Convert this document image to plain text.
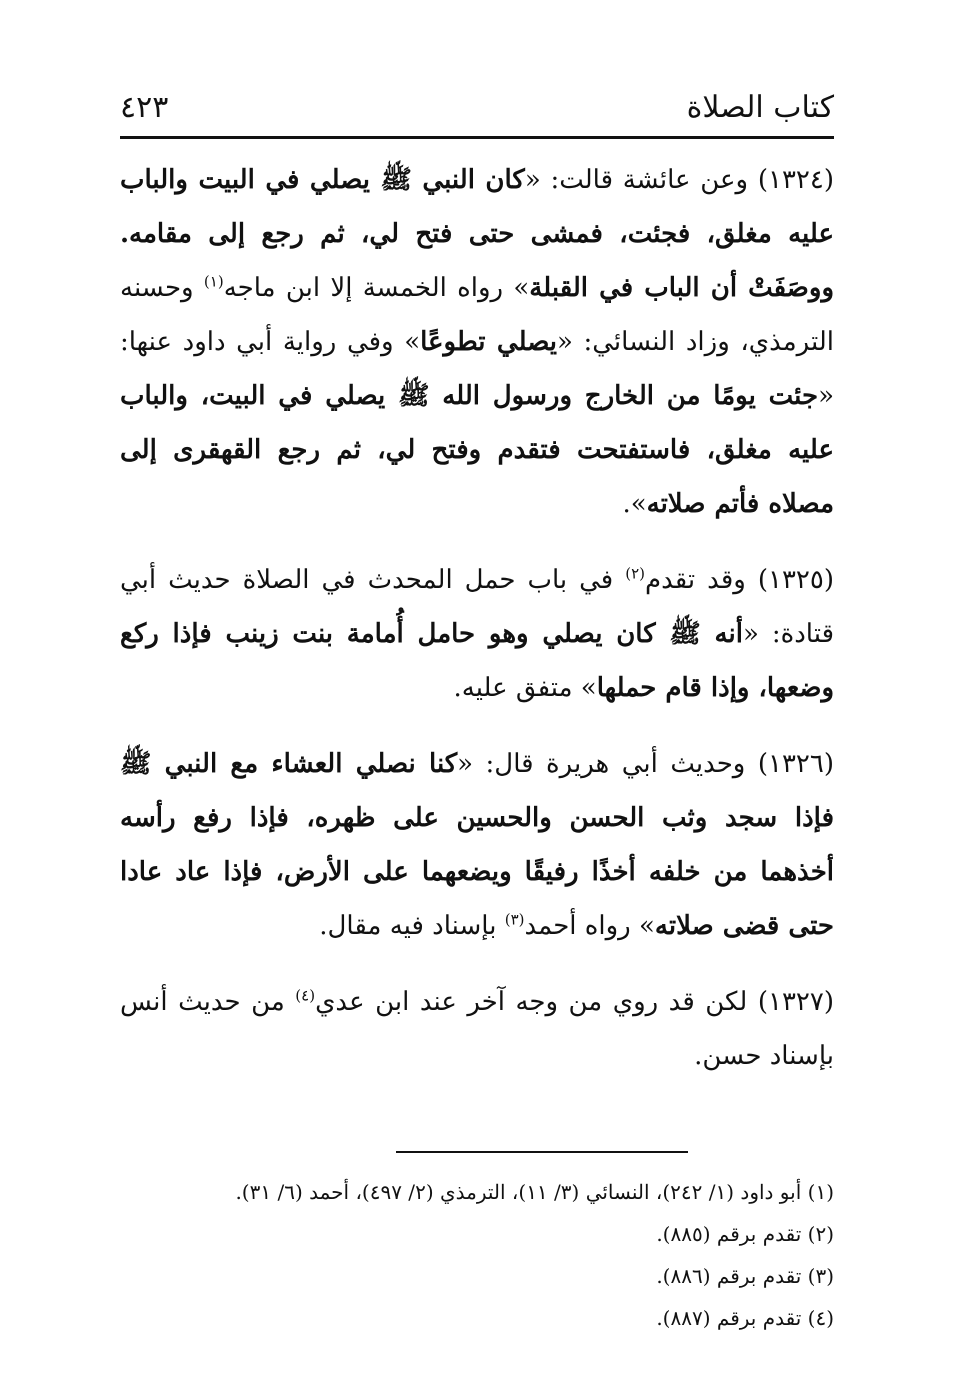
كتاب الصلاة
٤٢٣

(١٣٢٤) وعن عائشة قالت: «كان النبي ﷺ يصلي في البيت والباب عليه مغلق، فجئت، فمشى حتى فتح لي، ثم رجع إلى مقامه. ووصَفَتْ أن الباب في القبلة» رواه الخمسة إلا ابن ماجه$^{(١)}$ وحسنه الترمذي، وزاد النسائي: «يصلي تطوعًا» وفي رواية أبي داود عنها: «جئت يومًا من الخارج ورسول الله ﷺ يصلي في البيت، والباب عليه مغلق، فاستفتحت فتقدم وفتح لي، ثم رجع القهقرى إلى مصلاه فأتم صلاته».

(١٣٢٥) وقد تقدم$^{(٢)}$ في باب حمل المحدث في الصلاة حديث أبي قتادة: «أنه ﷺ كان يصلي وهو حامل أُمامة بنت زينب فإذا ركع وضعها، وإذا قام حملها» متفق عليه.

(١٣٢٦) وحديث أبي هريرة قال: «كنا نصلي العشاء مع النبي ﷺ فإذا سجد وثب الحسن والحسين على ظهره، فإذا رفع رأسه أخذهما من خلفه أخذًا رفيقًا ويضعهما على الأرض، فإذا عاد عادا حتى قضى صلاته» رواه أحمد$^{(٣)}$ بإسناد فيه مقال.

(١٣٢٧) لكن قد روي من وجه آخر عند ابن عدي$^{(٤)}$ من حديث أنس بإسناد حسن.

(١) أبو داود (١/ ٢٤٢)، النسائي (٣/ ١١)، الترمذي (٢/ ٤٩٧)، أحمد (٦/ ٣١).

(٢) تقدم برقم (٨٨٥).

(٣) تقدم برقم (٨٨٦).

(٤) تقدم برقم (٨٨٧).
